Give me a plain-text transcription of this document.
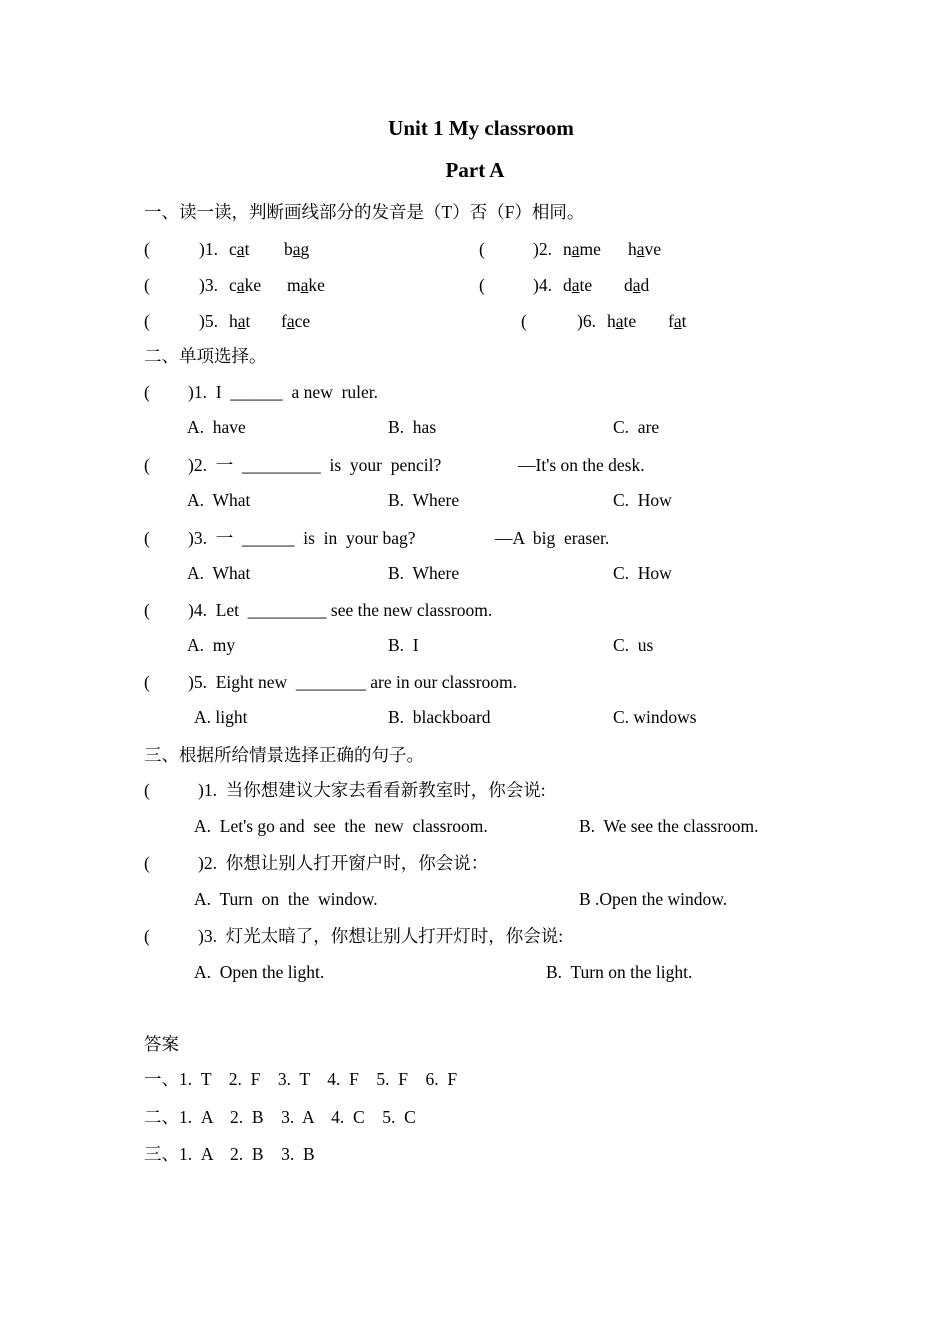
Unit 1 My classroom
Part A
一、读一读，判断画线部分的发音是（T）否（F）相同。
(	)1. cat bag	(	)2. name have
(	)3. cake make	(	)4. date dad
(	)5. hat face	(	)6. hate fat
二、单项选择。
( )1.  I  ______  a new  ruler.
A.  have	B.  has	C.  are
( )2.  一  _________  is  your  pencil?	—It's on the desk.
A.  What	B.  Where	C.  How
( )3.  一  ______  is  in  your bag?	—A  big  eraser.
A.  What	B.  Where	C.  How
( )4.  Let  _________ see the new classroom.
A.  my	B.  I	C.  us
( )5.  Eight new  ________ are in our classroom.
A. light	B.  blackboard	C. windows
三、根据所给情景选择正确的句子。
(	)1.  当你想建议大家去看看新教室时，你会说:
A.  Let's go and  see  the  new  classroom.	B.  We see the classroom.
(	)2.  你想让别人打开窗户时，你会说：
A.  Turn  on  the  window.	B .Open the window.
(	)3.  灯光太暗了，你想让别人打开灯时，你会说:
A.  Open the light.	B.  Turn on the light.
答案
一、1.  T    2.  F    3.  T    4.  F    5.  F    6.  F
二、1.  A    2.  B    3.  A    4.  C    5.  C
三、1.  A    2.  B    3.  B
